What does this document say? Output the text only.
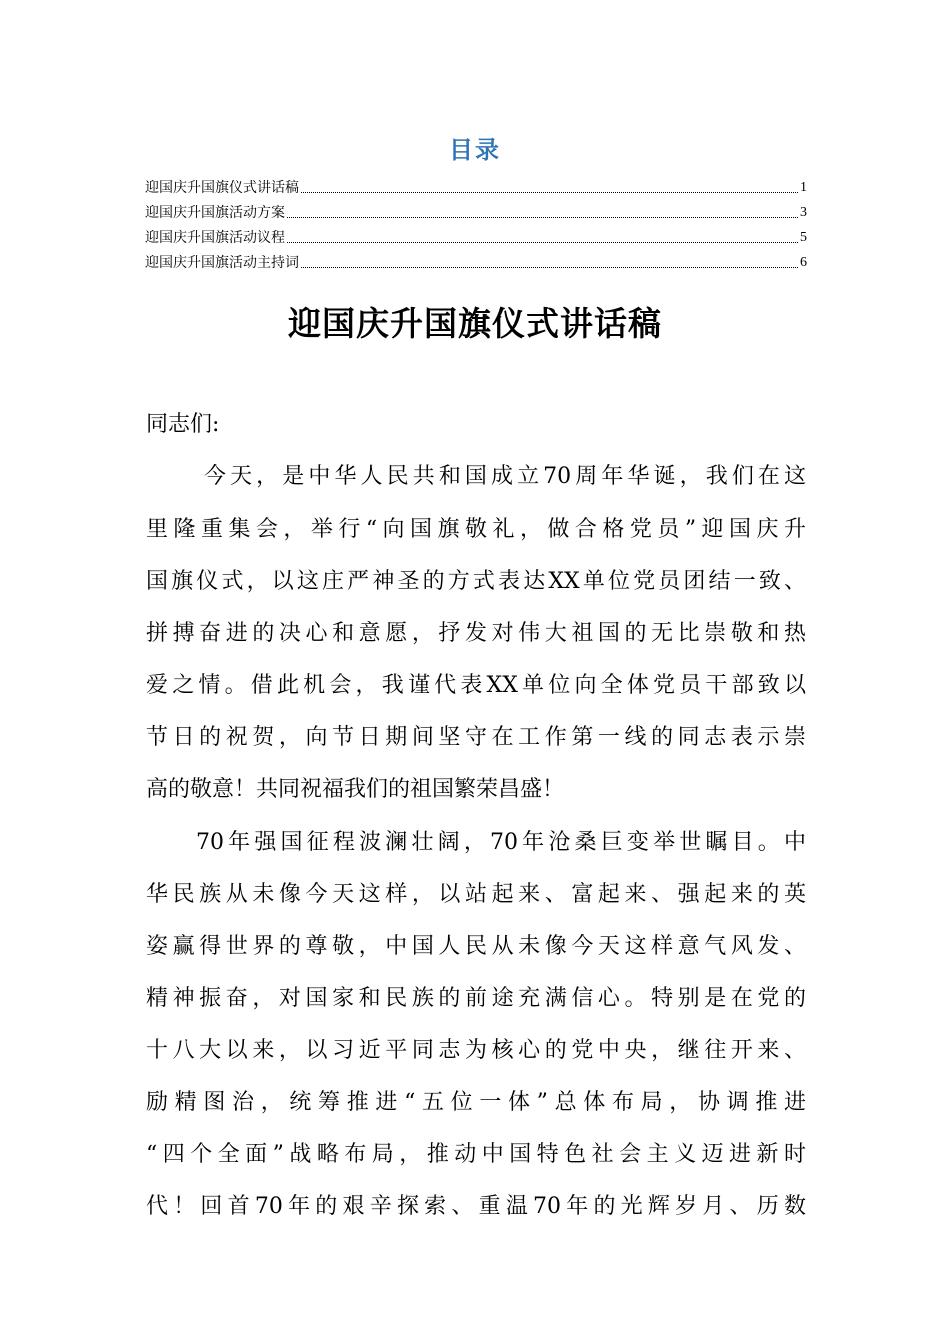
目录
迎国庆升国旗仪式讲话稿	1
迎国庆升国旗活动方案	3
迎国庆升国旗活动议程	5
迎国庆升国旗活动主持词	6
迎国庆升国旗仪式讲话稿
同志们:
今天，是中华人民共和国成立70周年华诞，我们在这
里隆重集会，举行“向国旗敬礼，做合格党员”迎国庆升
国旗仪式，以这庄严神圣的方式表达XX单位党员团结一致、
拼搏奋进的决心和意愿，抒发对伟大祖国的无比崇敬和热
爱之情。借此机会，我谨代表XX单位向全体党员干部致以
节日的祝贺，向节日期间坚守在工作第一线的同志表示崇
高的敬意！共同祝福我们的祖国繁荣昌盛！
70年强国征程波澜壮阔，70年沧桑巨变举世瞩目。中
华民族从未像今天这样，以站起来、富起来、强起来的英
姿赢得世界的尊敬，中国人民从未像今天这样意气风发、
精神振奋，对国家和民族的前途充满信心。特别是在党的
十八大以来，以习近平同志为核心的党中央，继往开来、
励精图治，统筹推进“五位一体”总体布局，协调推进
“四个全面”战略布局，推动中国特色社会主义迈进新时
代！回首70年的艰辛探索、重温70年的光辉岁月、历数
